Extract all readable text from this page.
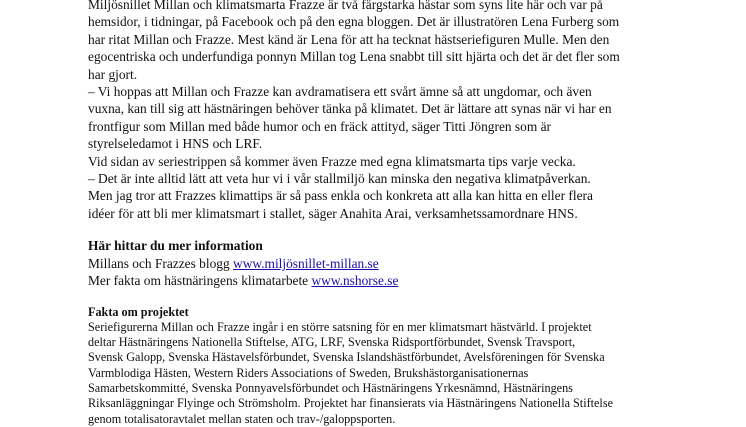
Miljösnillet Millan och klimatsmarta Frazze är två färgstarka hästar som syns lite här och var på
hemsidor, i tidningar, på Facebook och på den egna bloggen. Det är illustratören Lena Furberg som
har ritat Millan och Frazze. Mest känd är Lena för att ha tecknat hästseriefiguren Mulle. Men den
egocentriska och underfundiga ponnyn Millan tog Lena snabbt till sitt hjärta och det är det fler som
har gjort.
– Vi hoppas att Millan och Frazze kan avdramatisera ett svårt ämne så att ungdomar, och även
vuxna, kan till sig att hästnäringen behöver tänka på klimatet. Det är lättare att synas när vi har en
frontfigur som Millan med både humor och en fräck attityd, säger Titti Jöngren som är
styrelseledamot i HNS och LRF.
Vid sidan av seriestrippen så kommer även Frazze med egna klimatsmarta tips varje vecka.
– Det är inte alltid lätt att veta hur vi i vår stallmiljö kan minska den negativa klimatpåverkan.
Men jag tror att Frazzes klimattips är så pass enkla och konkreta att alla kan hitta en eller flera
idéer för att bli mer klimatsmart i stallet, säger Anahita Arai, verksamhetssamordnare HNS.
Här hittar du mer information
Millans och Frazzes blogg www.miljösnillet-millan.se
Mer fakta om hästnäringens klimatarbete www.nshorse.se
Fakta om projektet
Seriefigurerna Millan och Frazze ingår i en större satsning för en mer klimatsmart hästvärld. I projektet
deltar Hästnäringens Nationella Stiftelse, ATG, LRF, Svenska Ridsportförbundet, Svensk Travsport,
Svensk Galopp, Svenska Hästavelsförbundet, Svenska Islandshästförbundet, Avelsföreningen för Svenska
Varmblodiga Hästen, Western Riders Associations of Sweden, Brukshästorganisationernas
Samarbetskommitté, Svenska Ponnyavelsförbundet och Hästnäringens Yrkesnämnd, Hästnäringens
Riksanläggningar Flyinge och Strömsholm. Projektet har finansierats via Hästnäringens Nationella Stiftelse
genom totalisatoravtalet mellan staten och trav-/galoppsporten.
